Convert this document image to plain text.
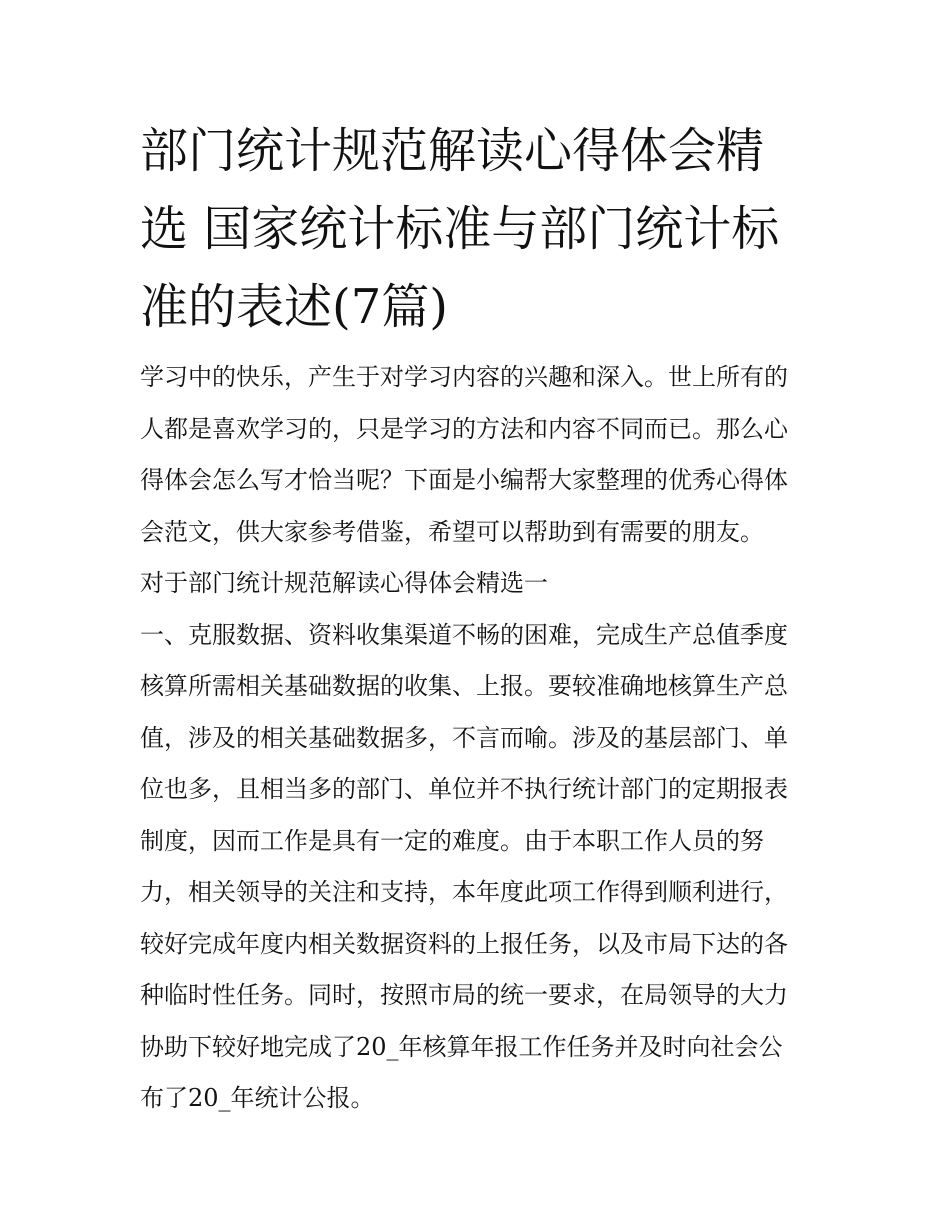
部门统计规范解读心得体会精
选 国家统计标准与部门统计标
准的表述(7篇)
学习中的快乐，产生于对学习内容的兴趣和深入。世上所有的
人都是喜欢学习的，只是学习的方法和内容不同而已。那么心
得体会怎么写才恰当呢？下面是小编帮大家整理的优秀心得体
会范文，供大家参考借鉴，希望可以帮助到有需要的朋友。
对于部门统计规范解读心得体会精选一
一、克服数据、资料收集渠道不畅的困难，完成生产总值季度
核算所需相关基础数据的收集、上报。要较准确地核算生产总
值，涉及的相关基础数据多，不言而喻。涉及的基层部门、单
位也多，且相当多的部门、单位并不执行统计部门的定期报表
制度，因而工作是具有一定的难度。由于本职工作人员的努
力，相关领导的关注和支持，本年度此项工作得到顺利进行，
较好完成年度内相关数据资料的上报任务，以及市局下达的各
种临时性任务。同时，按照市局的统一要求，在局领导的大力
协助下较好地完成了20_年核算年报工作任务并及时向社会公
布了20_年统计公报。
